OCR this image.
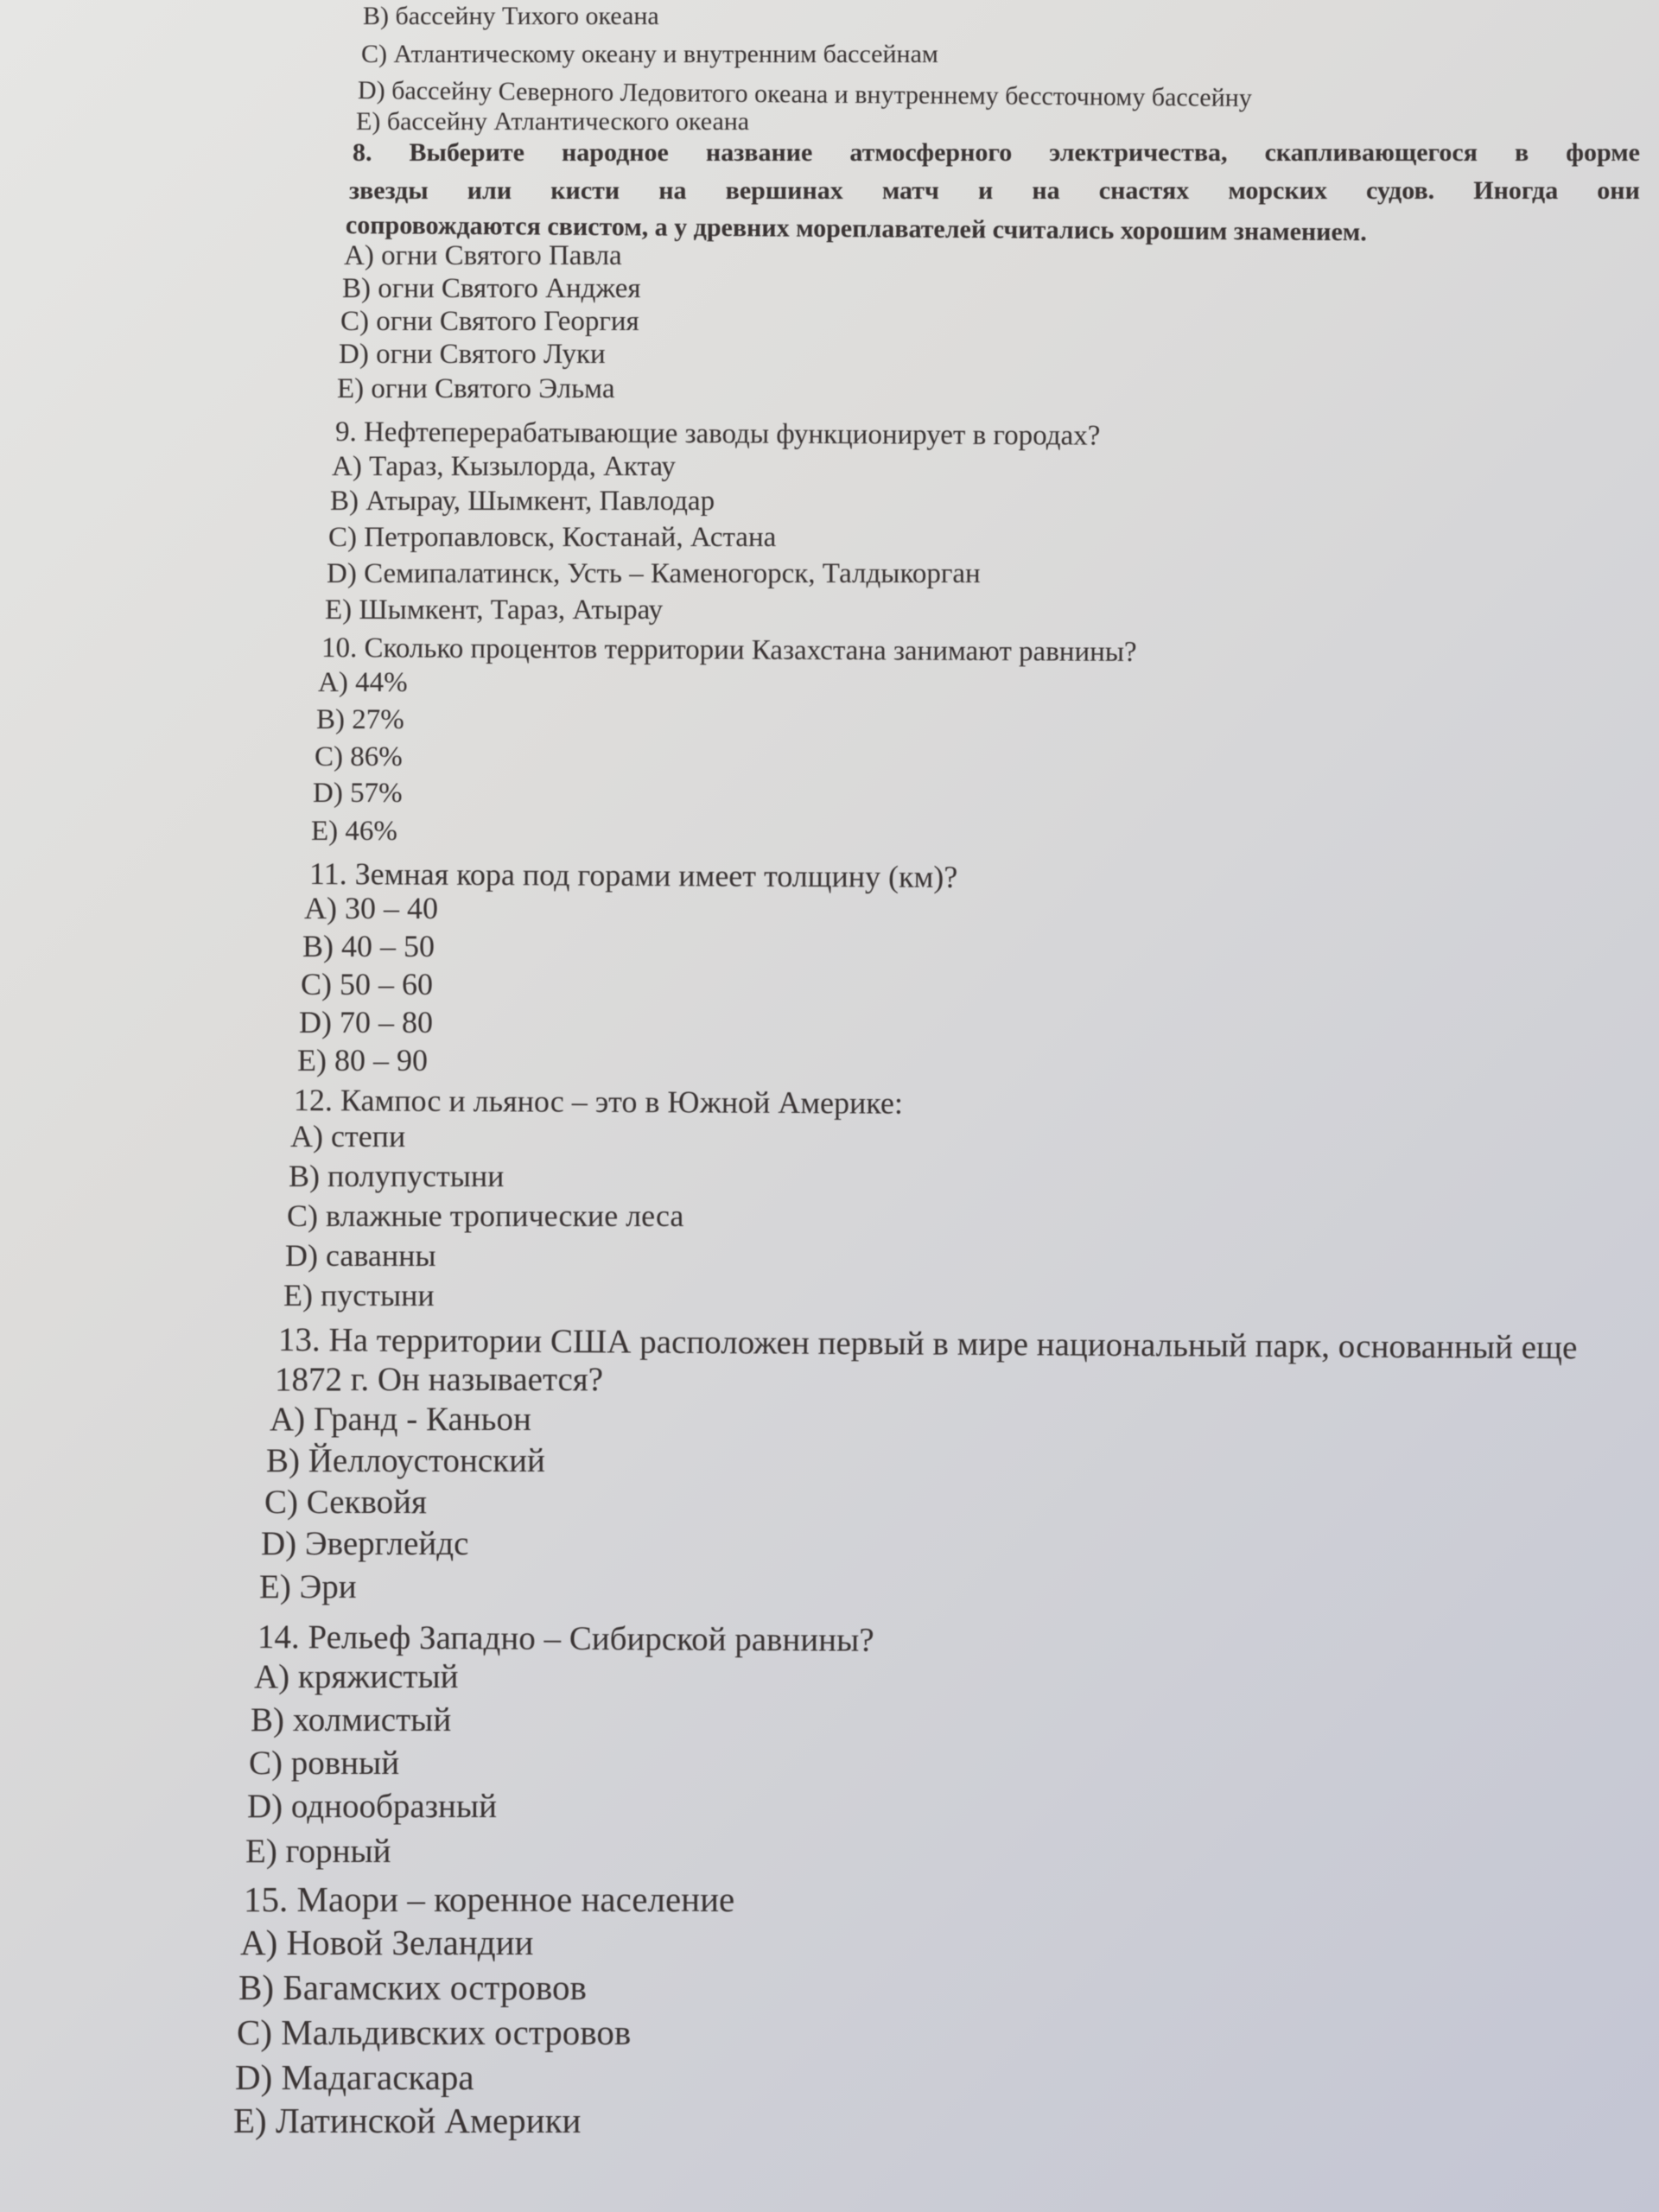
B) бассейну Тихого океана
C) Атлантическому океану и внутренним бассейнам
D) бассейну Северного Ледовитого океана и внутреннему бессточному бассейну
E) бассейну Атлантического океана
8. Выберите народное название атмосферного электричества, скапливающегося в форме
звезды или кисти на вершинах матч и на снастях морских судов. Иногда они
сопровождаются свистом, а у древних мореплавателей считались хорошим знамением.
A) огни Святого Павла
B) огни Святого Анджея
C) огни Святого Георгия
D) огни Святого Луки
E) огни Святого Эльма
9. Нефтеперерабатывающие заводы функционирует в городах?
A) Тараз, Кызылорда, Актау
B) Атырау, Шымкент, Павлодар
C) Петропавловск, Костанай, Астана
D) Семипалатинск, Усть – Каменогорск, Талдыкорган
E) Шымкент, Тараз, Атырау
10. Сколько процентов территории Казахстана занимают равнины?
A) 44%
B) 27%
C) 86%
D) 57%
E) 46%
11. Земная кора под горами имеет толщину (км)?
A) 30 – 40
B) 40 – 50
C) 50 – 60
D) 70 – 80
E) 80 – 90
12. Кампос и льянос – это в Южной Америке:
A) степи
B) полупустыни
C) влажные тропические леса
D) саванны
E) пустыни
13. На территории США расположен первый в мире национальный парк, основанный еще
1872 г. Он называется?
A) Гранд - Каньон
B) Йеллоустонский
C) Секвойя
D) Эверглейдс
E) Эри
14. Рельеф Западно – Сибирской равнины?
A) кряжистый
B) холмистый
C) ровный
D) однообразный
E) горный
15. Маори – коренное население
A) Новой Зеландии
B) Багамских островов
C) Мальдивских островов
D) Мадагаскара
E) Латинской Америки
